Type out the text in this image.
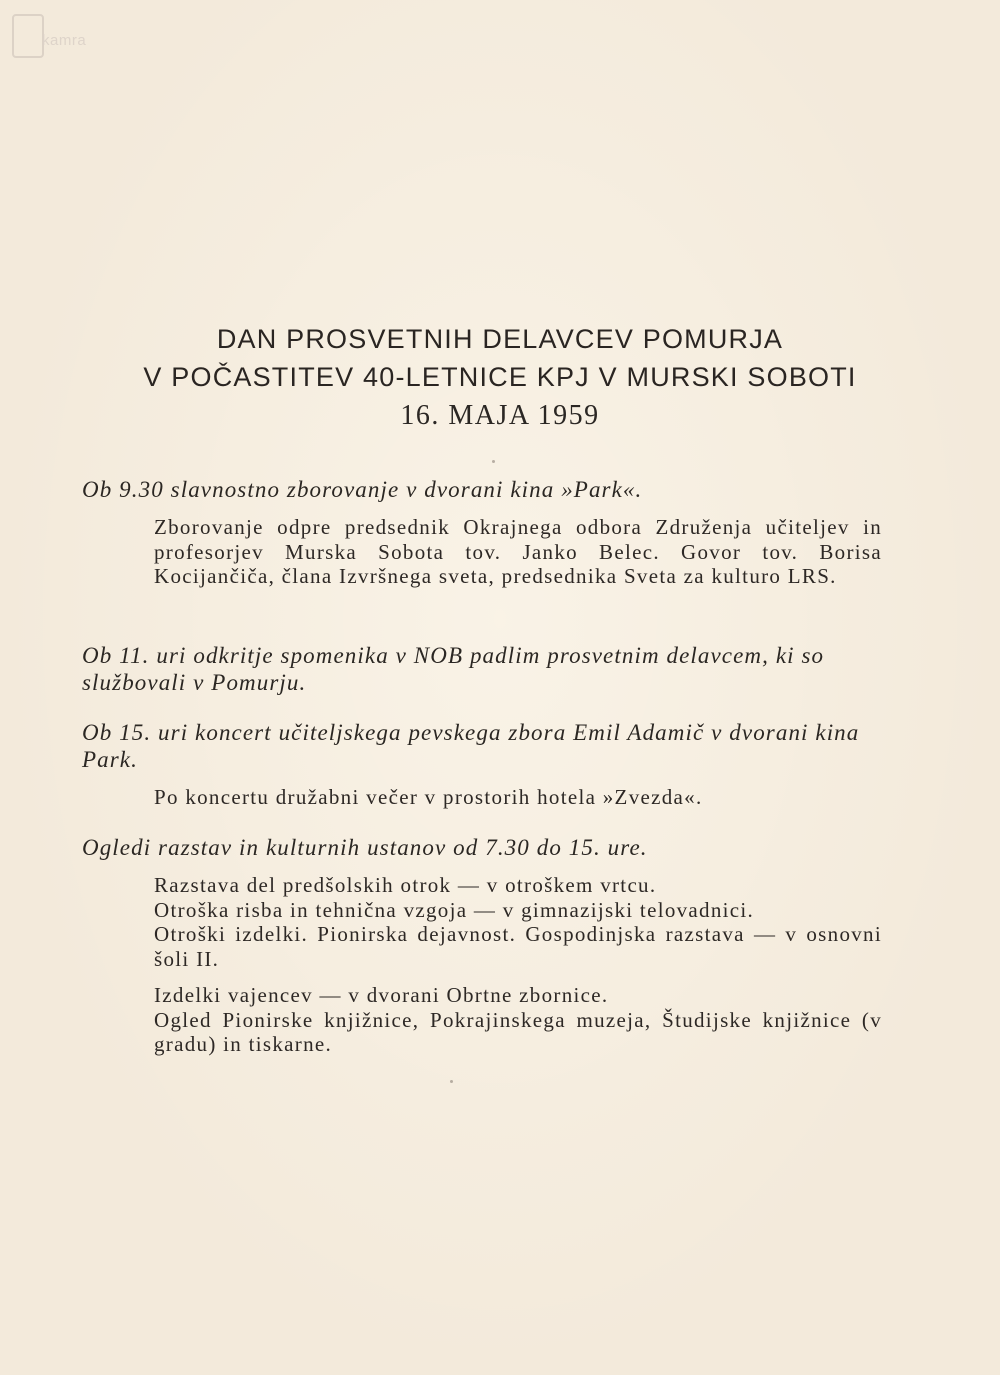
kamra

DAN PROSVETNIH DELAVCEV POMURJA

V POČASTITEV 40-LETNICE KPJ V MURSKI SOBOTI

16. MAJA 1959

Ob 9.30 slavnostno zborovanje v dvorani kina »Park«.

Zborovanje odpre predsednik Okrajnega odbora Združenja učiteljev in profesorjev Murska Sobota tov. Janko Belec. Govor tov. Borisa Kocijančiča, člana Izvršnega sveta, predsednika Sveta za kulturo LRS.

Ob 11. uri odkritje spomenika v NOB padlim prosvetnim delavcem, ki so službovali v Pomurju.

Ob 15. uri koncert učiteljskega pevskega zbora Emil Adamič v dvorani kina Park.

Po koncertu družabni večer v prostorih hotela »Zvezda«.

Ogledi razstav in kulturnih ustanov od 7.30 do 15. ure.

Razstava del predšolskih otrok — v otroškem vrtcu.

Otroška risba in tehnična vzgoja — v gimnazijski telovadnici.

Otroški izdelki. Pionirska dejavnost. Gospodinjska razstava — v osnovni šoli II.

Izdelki vajencev — v dvorani Obrtne zbornice.

Ogled Pionirske knjižnice, Pokrajinskega muzeja, Študijske knjižnice (v gradu) in tiskarne.
